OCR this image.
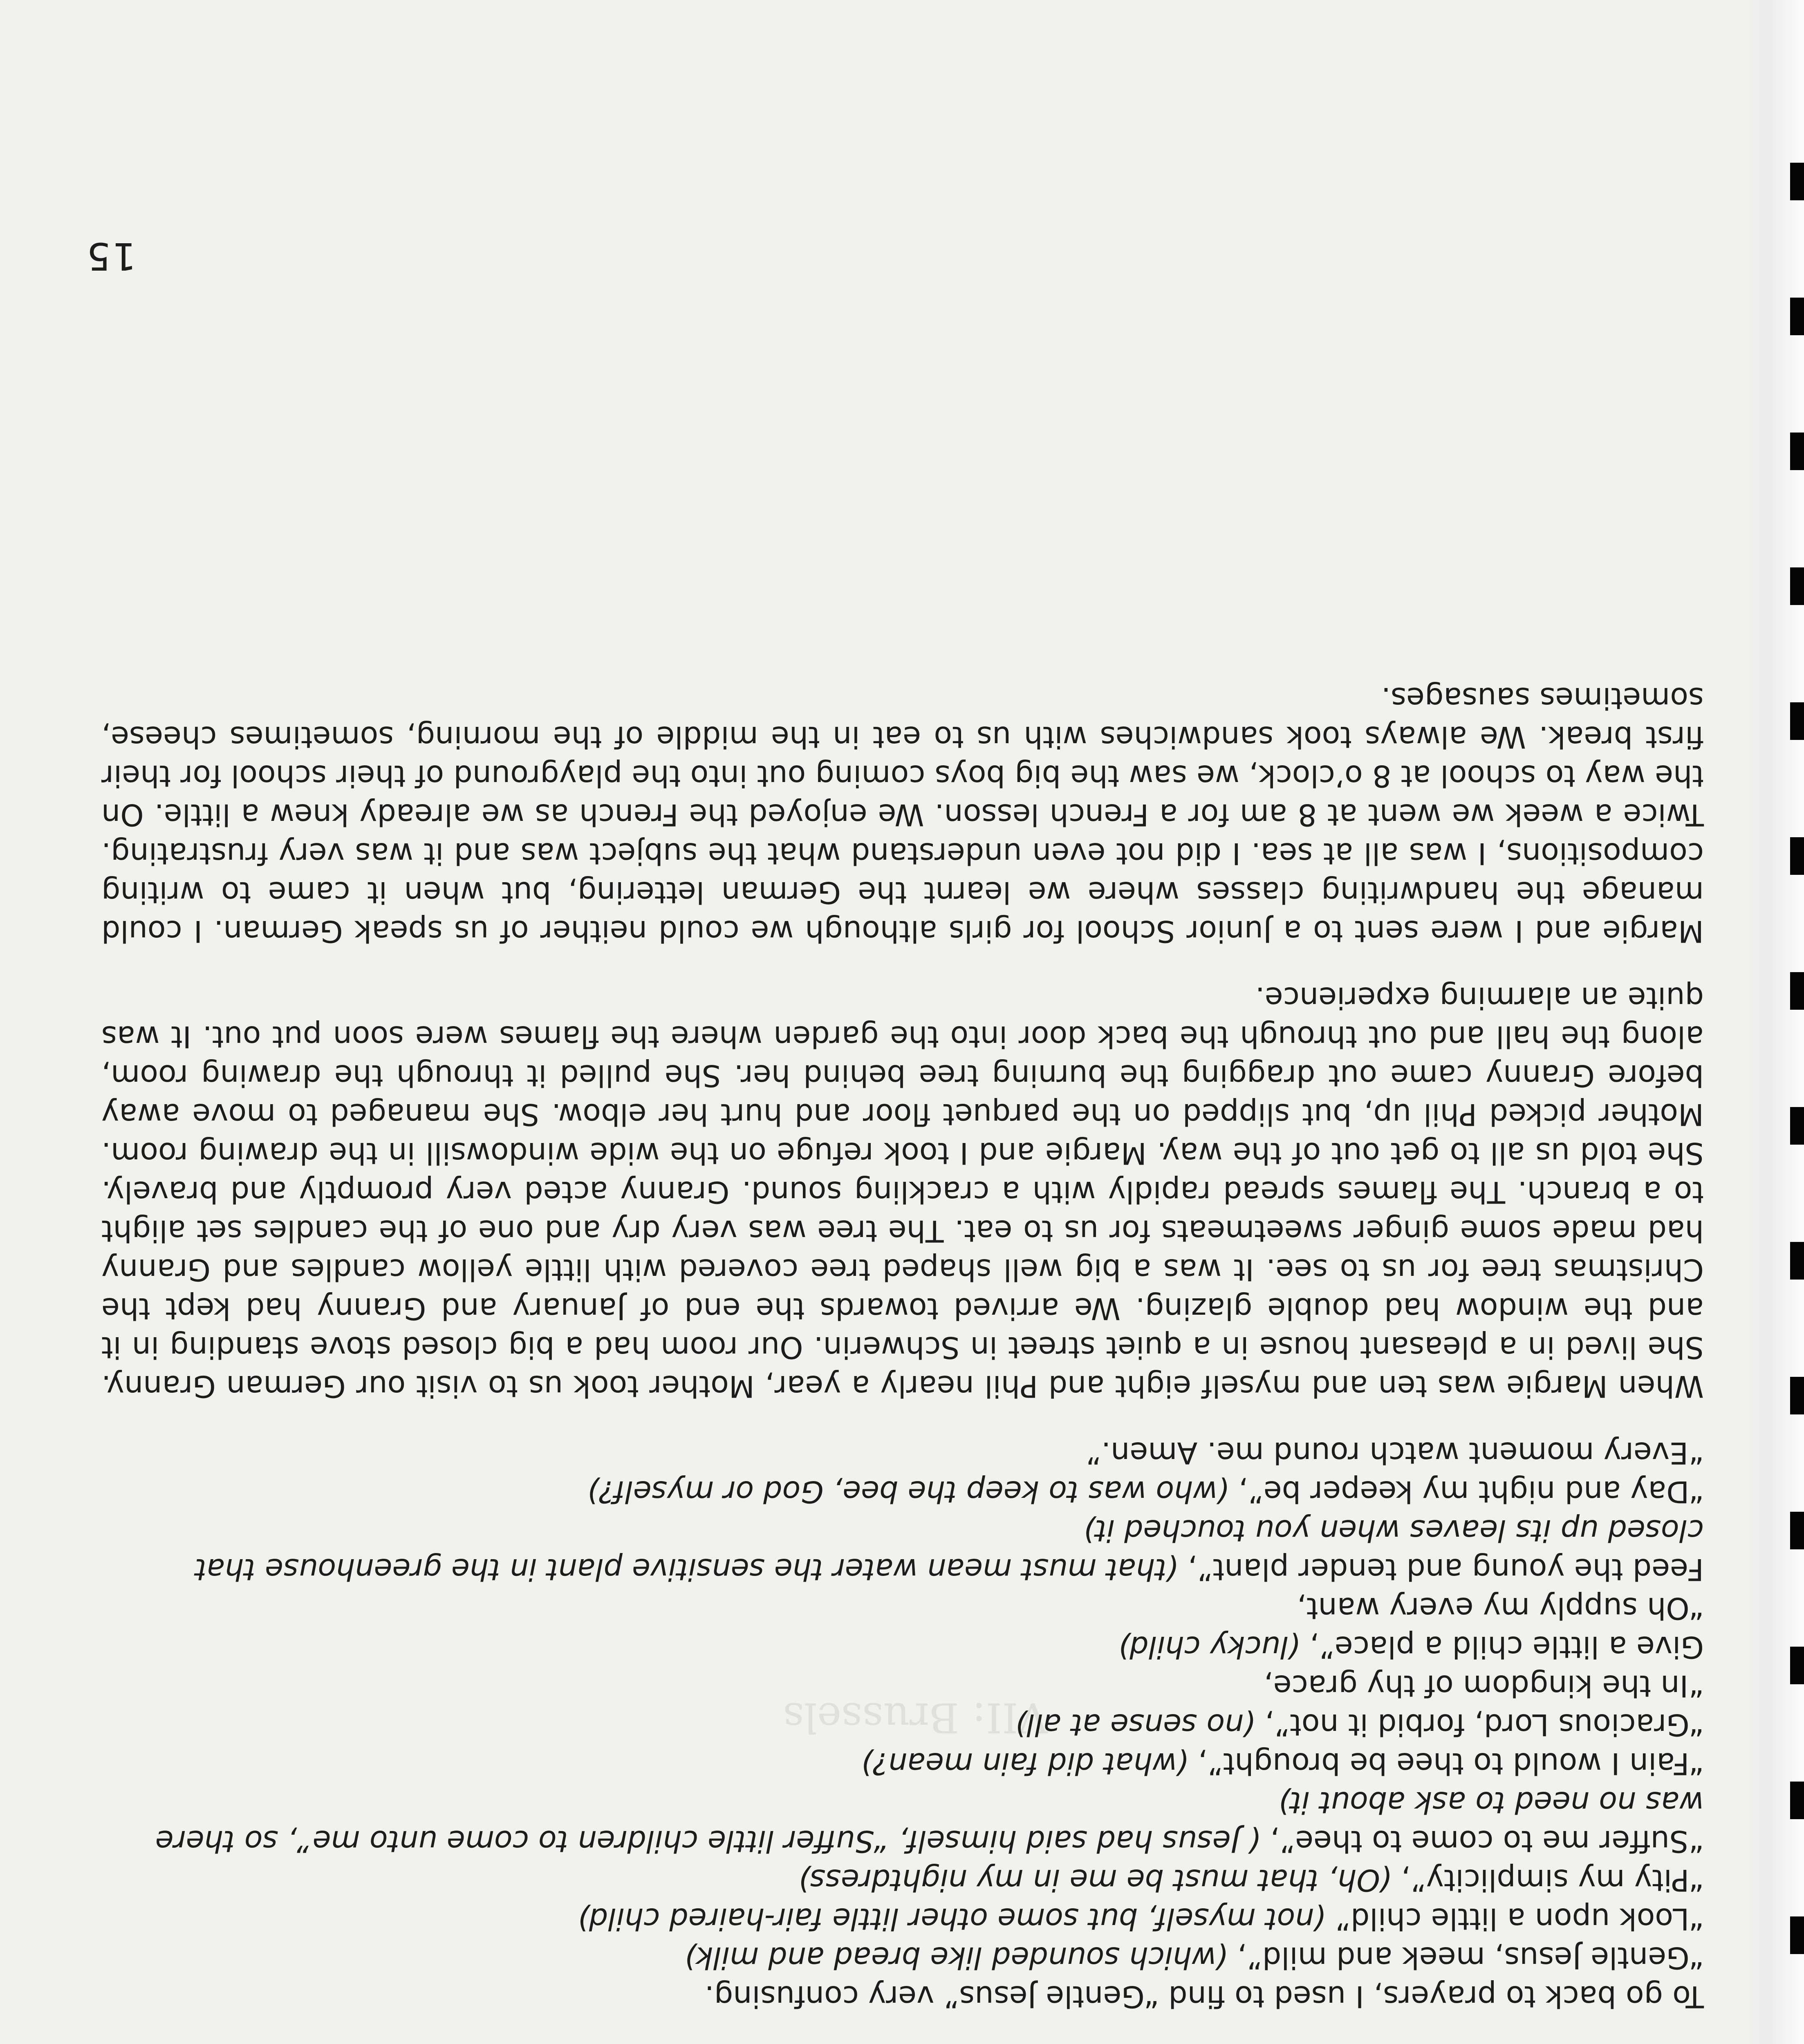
VII: Brussels

To go back to prayers, I used to find “Gentle Jesus” very confusing.

“Gentle Jesus, meek and mild”, (which sounded like bread and milk)

“Look upon a little child” (not myself, but some other little fair-haired child)

“Pity my simplicity”, (Oh, that must be me in my nightdress)

“Suffer me to come to thee”, ( Jesus had said himself, “Suffer little children to come unto me”, so there was no need to ask about it)

“Fain I would to thee be brought”, (what did fain mean?)

“Gracious Lord, forbid it not”, (no sense at all)

“In the kingdom of thy grace,

Give a little child a place”, (lucky child)

“Oh supply my every want,

Feed the young and tender plant”, (that must mean water the sensitive plant in the greenhouse that closed up its leaves when you touched it)

“Day and night my keeper be”, (who was to keep the bee, God or myself?)

“Every moment watch round me. Amen.”

When Margie was ten and myself eight and Phil nearly a year, Mother took us to visit our German Granny. She lived in a pleasant house in a quiet street in Schwerin. Our room had a big closed stove standing in it and the window had double glazing. We arrived towards the end of January and Granny had kept the Christmas tree for us to see. It was a big well shaped tree covered with little yellow candles and Granny had made some ginger sweetmeats for us to eat. The tree was very dry and one of the candles set alight to a branch. The flames spread rapidly with a crackling sound. Granny acted very promptly and bravely. She told us all to get out of the way. Margie and I took refuge on the wide windowsill in the drawing room. Mother picked Phil up, but slipped on the parquet floor and hurt her elbow. She managed to move away before Granny came out dragging the burning tree behind her. She pulled it through the drawing room, along the hall and out through the back door into the garden where the flames were soon put out. It was quite an alarming experience.

Margie and I were sent to a Junior School for girls although we could neither of us speak German. I could manage the handwriting classes where we learnt the German lettering, but when it came to writing compositions, I was all at sea. I did not even understand what the subject was and it was very frustrating. Twice a week we went at 8 am for a French lesson. We enjoyed the French as we already knew a little. On the way to school at 8 o’clock, we saw the big boys coming out into the playground of their school for their first break. We always took sandwiches with us to eat in the middle of the morning, sometimes cheese, sometimes sausages.

15
